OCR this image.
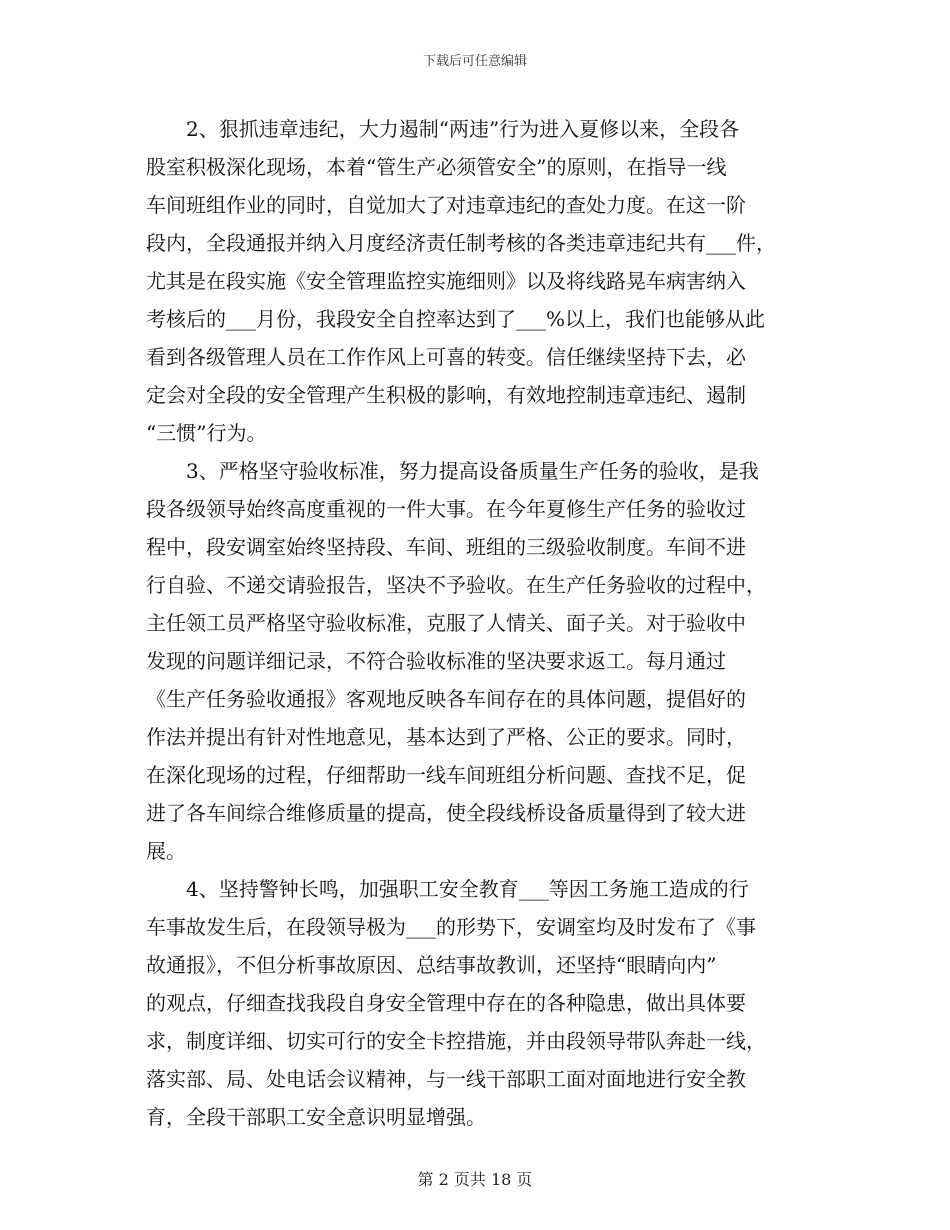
下载后可任意编辑
2、狠抓违章违纪，大力遏制“两违”行为进入夏修以来，全段各
股室积极深化现场，本着“管生产必须管安全”的原则，在指导一线
车间班组作业的同时，自觉加大了对违章违纪的查处力度。在这一阶
段内，全段通报并纳入月度经济责任制考核的各类违章违纪共有___件，
尤其是在段实施《安全管理监控实施细则》以及将线路晃车病害纳入
考核后的___月份，我段安全自控率达到了___%以上，我们也能够从此
看到各级管理人员在工作作风上可喜的转变。信任继续坚持下去，必
定会对全段的安全管理产生积极的影响，有效地控制违章违纪、遏制
“三惯”行为。
3、严格坚守验收标准，努力提高设备质量生产任务的验收，是我
段各级领导始终高度重视的一件大事。在今年夏修生产任务的验收过
程中，段安调室始终坚持段、车间、班组的三级验收制度。车间不进
行自验、不递交请验报告，坚决不予验收。在生产任务验收的过程中，
主任领工员严格坚守验收标准，克服了人情关、面子关。对于验收中
发现的问题详细记录，不符合验收标准的坚决要求返工。每月通过
《生产任务验收通报》客观地反映各车间存在的具体问题，提倡好的
作法并提出有针对性地意见，基本达到了严格、公正的要求。同时，
在深化现场的过程，仔细帮助一线车间班组分析问题、查找不足，促
进了各车间综合维修质量的提高，使全段线桥设备质量得到了较大进
展。
4、坚持警钟长鸣，加强职工安全教育___等因工务施工造成的行
车事故发生后，在段领导极为___的形势下，安调室均及时发布了《事
故通报》，不但分析事故原因、总结事故教训，还坚持“眼睛向内”
的观点，仔细查找我段自身安全管理中存在的各种隐患，做出具体要
求，制度详细、切实可行的安全卡控措施，并由段领导带队奔赴一线，
落实部、局、处电话会议精神，与一线干部职工面对面地进行安全教
育，全段干部职工安全意识明显增强。
第 2 页共 18 页
